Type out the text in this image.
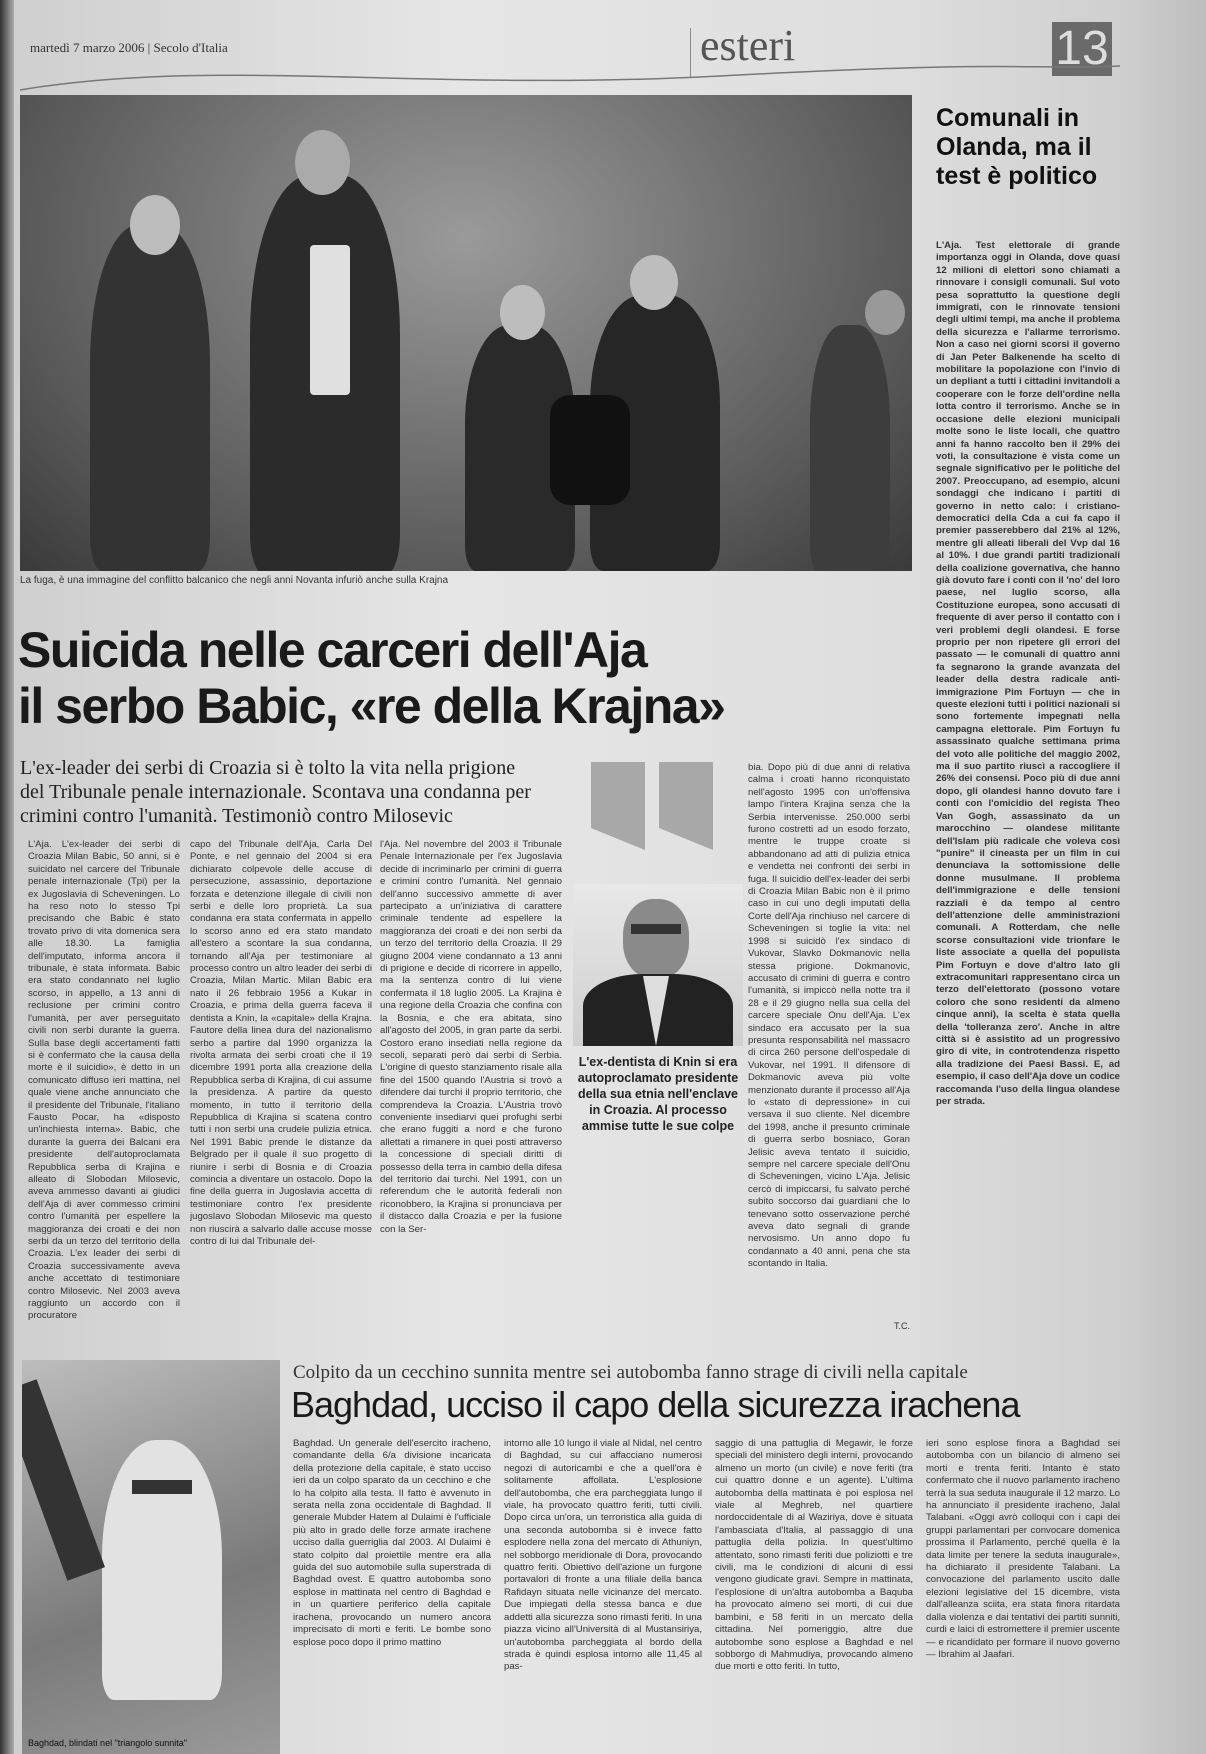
martedì 7 marzo 2006 | Secolo d'Italia	esteri	13
La fuga, è una immagine del conflitto balcanico che negli anni Novanta infuriò anche sulla Krajna
Comunali in Olanda, ma il test è politico
L'Aja. Test elettorale di grande importanza oggi in Olanda, dove quasi 12 milioni di elettori sono chiamati a rinnovare i consigli comunali. Sul voto pesa soprattutto la questione degli immigrati, con le rinnovate tensioni degli ultimi tempi, ma anche il problema della sicurezza e l'allarme terrorismo. Non a caso nei giorni scorsi il governo di Jan Peter Balkenende ha scelto di mobilitare la popolazione con l'invio di un depliant a tutti i cittadini invitandoli a cooperare con le forze dell'ordine nella lotta contro il terrorismo. Anche se in occasione delle elezioni municipali molte sono le liste locali, che quattro anni fa hanno raccolto ben il 29% dei voti, la consultazione è vista come un segnale significativo per le politiche del 2007. Preoccupano, ad esempio, alcuni sondaggi che indicano i partiti di governo in netto calo: i cristiano-democratici della Cda a cui fa capo il premier passerebbero dal 21% al 12%, mentre gli alleati liberali del Vvp dal 16 al 10%. I due grandi partiti tradizionali della coalizione governativa, che hanno già dovuto fare i conti con il 'no' del loro paese, nel luglio scorso, alla Costituzione europea, sono accusati di frequente di aver perso il contatto con i veri problemi degli olandesi. E forse proprio per non ripetere gli errori del passato — le comunali di quattro anni fa segnarono la grande avanzata del leader della destra radicale anti-immigrazione Pim Fortuyn — che in queste elezioni tutti i politici nazionali si sono fortemente impegnati nella campagna elettorale. Pim Fortuyn fu assassinato qualche settimana prima del voto alle politiche del maggio 2002, ma il suo partito riuscì a raccogliere il 26% dei consensi. Poco più di due anni dopo, gli olandesi hanno dovuto fare i conti con l'omicidio del regista Theo Van Gogh, assassinato da un marocchino — olandese militante dell'Islam più radicale che voleva così "punire" il cineasta per un film in cui denunciava la sottomissione delle donne musulmane. Il problema dell'immigrazione e delle tensioni razziali è da tempo al centro dell'attenzione delle amministrazioni comunali. A Rotterdam, che nelle scorse consultazioni vide trionfare le liste associate a quella del populista Pim Fortuyn e dove d'altro lato gli extracomunitari rappresentano circa un terzo dell'elettorato (possono votare coloro che sono residenti da almeno cinque anni), la scelta è stata quella della 'tolleranza zero'. Anche in altre città si è assistito ad un progressivo giro di vite, in controtendenza rispetto alla tradizione dei Paesi Bassi. E, ad esempio, il caso dell'Aja dove un codice raccomanda l'uso della lingua olandese per strada.
Suicida nelle carceri dell'Aja
il serbo Babic, «re della Krajna»
L'ex-leader dei serbi di Croazia si è tolto la vita nella prigione del Tribunale penale internazionale. Scontava una condanna per crimini contro l'umanità. Testimoniò contro Milosevic
L'ex-dentista di Knin si era autoproclamato presidente della sua etnia nell'enclave in Croazia. Al processo ammise tutte le sue colpe
L'Aja. L'ex-leader dei serbi di Croazia Milan Babic, 50 anni, si è suicidato nel carcere del Tribunale penale internazionale (Tpi) per la ex Jugoslavia di Scheveningen. Lo ha reso noto lo stesso Tpi precisando che Babic è stato trovato privo di vita domenica sera alle 18.30. La famiglia dell'imputato, informa ancora il tribunale, è stata informata. Babic era stato condannato nel luglio scorso, in appello, a 13 anni di reclusione per crimini contro l'umanità, per aver perseguitato civili non serbi durante la guerra. Sulla base degli accertamenti fatti si è confermato che la causa della morte è il suicidio», è detto in un comunicato diffuso ieri mattina, nel quale viene anche annunciato che il presidente del Tribunale, l'italiano Fausto Pocar, ha «disposto un'inchiesta interna». Babic, che durante la guerra dei Balcani era presidente dell'autoproclamata Repubblica serba di Krajina e alleato di Slobodan Milosevic, aveva ammesso davanti ai giudici dell'Aja di aver commesso crimini contro l'umanità per espellere la maggioranza dei croati e dei non serbi da un terzo del territorio della Croazia. L'ex leader dei serbi di Croazia successivamente aveva anche accettato di testimoniare contro Milosevic. Nel 2003 aveva raggiunto un accordo con il procuratore
capo del Tribunale dell'Aja, Carla Del Ponte, e nel gennaio del 2004 si era dichiarato colpevole delle accuse di persecuzione, assassinio, deportazione forzata e detenzione illegale di civili non serbi e delle loro proprietà. La sua condanna era stata confermata in appello lo scorso anno ed era stato mandato all'estero a scontare la sua condanna, tornando all'Aja per testimoniare al processo contro un altro leader dei serbi di Croazia, Milan Martic. Milan Babic era nato il 26 febbraio 1956 a Kukar in Croazia, e prima della guerra faceva il dentista a Knin, la «capitale» della Krajna. Fautore della linea dura del nazionalismo serbo a partire dal 1990 organizza la rivolta armata dei serbi croati che il 19 dicembre 1991 porta alla creazione della Repubblica serba di Krajina, di cui assume la presidenza. A partire da questo momento, in tutto il territorio della Repubblica di Krajina si scatena contro tutti i non serbi una crudele pulizia etnica. Nel 1991 Babic prende le distanze da Belgrado per il quale il suo progetto di riunire i serbi di Bosnia e di Croazia comincia a diventare un ostacolo. Dopo la fine della guerra in Jugoslavia accetta di testimoniare contro l'ex presidente jugoslavo Slobodan Milosevic ma questo non riuscirà a salvarlo dalle accuse mosse contro di lui dal Tribunale del-
l'Aja. Nel novembre del 2003 il Tribunale Penale Internazionale per l'ex Jugoslavia decide di incriminarlo per crimini di guerra e crimini contro l'umanità. Nel gennaio dell'anno successivo ammette di aver partecipato a un'iniziativa di carattere criminale tendente ad espellere la maggioranza dei croati e dei non serbi da un terzo del territorio della Croazia. Il 29 giugno 2004 viene condannato a 13 anni di prigione e decide di ricorrere in appello, ma la sentenza contro di lui viene confermata il 18 luglio 2005. La Krajina è una regione della Croazia che confina con la Bosnia, e che era abitata, sino all'agosto del 2005, in gran parte da serbi. Costoro erano insediati nella regione da secoli, separati però dai serbi di Serbia. L'origine di questo stanziamento risale alla fine del 1500 quando l'Austria si trovò a difendere dai turchi il proprio territorio, che comprendeva la Croazia. L'Austria trovò conveniente insediarvi quei profughi serbi che erano fuggiti a nord e che furono allettati a rimanere in quei posti attraverso la concessione di speciali diritti di possesso della terra in cambio della difesa del territorio dai turchi. Nel 1991, con un referendum che le autorità federali non riconobbero, la Krajina si pronunciava per il distacco dalla Croazia e per la fusione con la Ser-
bia. Dopo più di due anni di relativa calma i croati hanno riconquistato nell'agosto 1995 con un'offensiva lampo l'intera Krajina senza che la Serbia intervenisse. 250.000 serbi furono costretti ad un esodo forzato, mentre le truppe croate si abbandonano ad atti di pulizia etnica e vendetta nei confronti dei serbi in fuga. Il suicidio dell'ex-leader dei serbi di Croazia Milan Babic non è il primo caso in cui uno degli imputati della Corte dell'Aja rinchiuso nel carcere di Scheveningen si toglie la vita: nel 1998 si suicidò l'ex sindaco di Vukovar, Slavko Dokmanovic nella stessa prigione. Dokmanovic, accusato di crimini di guerra e contro l'umanità, si impiccò nella notte tra il 28 e il 29 giugno nella sua cella del carcere speciale Onu dell'Aja. L'ex sindaco era accusato per la sua presunta responsabilità nel massacro di circa 260 persone dell'ospedale di Vukovar, nel 1991. Il difensore di Dokmanovic aveva più volte menzionato durante il processo all'Aja lo «stato di depressione» in cui versava il suo cliente. Nel dicembre del 1998, anche il presunto criminale di guerra serbo bosniaco, Goran Jelisic aveva tentato il suicidio, sempre nel carcere speciale dell'Onu di Scheveningen, vicino L'Aja. Jelisic cercò di impiccarsi, fu salvato perché subito soccorso dai guardiani che lo tenevano sotto osservazione perché aveva dato segnali di grande nervosismo. Un anno dopo fu condannato a 40 anni, pena che sta scontando in Italia.
T.C.
Baghdad, blindati nel "triangolo sunnita"
Colpito da un cecchino sunnita mentre sei autobomba fanno strage di civili nella capitale
Baghdad, ucciso il capo della sicurezza irachena
Baghdad. Un generale dell'esercito iracheno, comandante della 6/a divisione incaricata della protezione della capitale, è stato ucciso ieri da un colpo sparato da un cecchino e che lo ha colpito alla testa. Il fatto è avvenuto in serata nella zona occidentale di Baghdad. Il generale Mubder Hatem al Dulaimi è l'ufficiale più alto in grado delle forze armate irachene ucciso dalla guerriglia dal 2003. Al Dulaimi è stato colpito dal proiettile mentre era alla guida del suo automobile sulla superstrada di Baghdad ovest. E quattro autobomba sono esplose in mattinata nel centro di Baghdad e in un quartiere periferico della capitale irachena, provocando un numero ancora imprecisato di morti e feriti. Le bombe sono esplose poco dopo il primo mattino
intorno alle 10 lungo il viale al Nidal, nel centro di Baghdad, su cui affacciano numerosi negozi di autoricambi e che a quell'ora è solitamente affollata. L'esplosione dell'autobomba, che era parcheggiata lungo il viale, ha provocato quattro feriti, tutti civili. Dopo circa un'ora, un terroristica alla guida di una seconda autobomba si è invece fatto esplodere nella zona del mercato di Athuniyn, nel sobborgo meridionale di Dora, provocando quattro feriti. Obiettivo dell'azione un furgone portavalori di fronte a una filiale della banca Rafidayn situata nelle vicinanze del mercato. Due impiegati della stessa banca e due addetti alla sicurezza sono rimasti feriti. In una piazza vicino all'Università di al Mustansiriya, un'autobomba parcheggiata al bordo della strada è quindi esplosa intorno alle 11,45 al pas-
saggio di una pattuglia di Megawir, le forze speciali del ministero degli interni, provocando almeno un morto (un civile) e nove feriti (tra cui quattro donne e un agente). L'ultima autobomba della mattinata è poi esplosa nel viale al Meghreb, nel quartiere nordoccidentale di al Waziriya, dove è situata l'ambasciata d'Italia, al passaggio di una pattuglia della polizia. In quest'ultimo attentato, sono rimasti feriti due poliziotti e tre civili, ma le condizioni di alcuni di essi vengono giudicate gravi. Sempre in mattinata, l'esplosione di un'altra autobomba a Baquba ha provocato almeno sei morti, di cui due bambini, e 58 feriti in un mercato della cittadina. Nel pomeriggio, altre due autobombe sono esplose a Baghdad e nel sobborgo di Mahmudiya, provocando almeno due morti e otto feriti. In tutto,
ieri sono esplose finora a Baghdad sei autobomba con un bilancio di almeno sei morti e trenta feriti. Intanto è stato confermato che il nuovo parlamento iracheno terrà la sua seduta inaugurale il 12 marzo. Lo ha annunciato il presidente iracheno, Jalal Talabani. «Oggi avrò colloqui con i capi dei gruppi parlamentari per convocare domenica prossima il Parlamento, perché quella è la data limite per tenere la seduta inaugurale», ha dichiarato il presidente Talabani. La convocazione del parlamento uscito dalle elezioni legislative del 15 dicembre, vista dall'alleanza sciita, era stata finora ritardata dalla violenza e dai tentativi dei partiti sunniti, curdi e laici di estromettere il premier uscente — e ricandidato per formare il nuovo governo — Ibrahim al Jaafari.
